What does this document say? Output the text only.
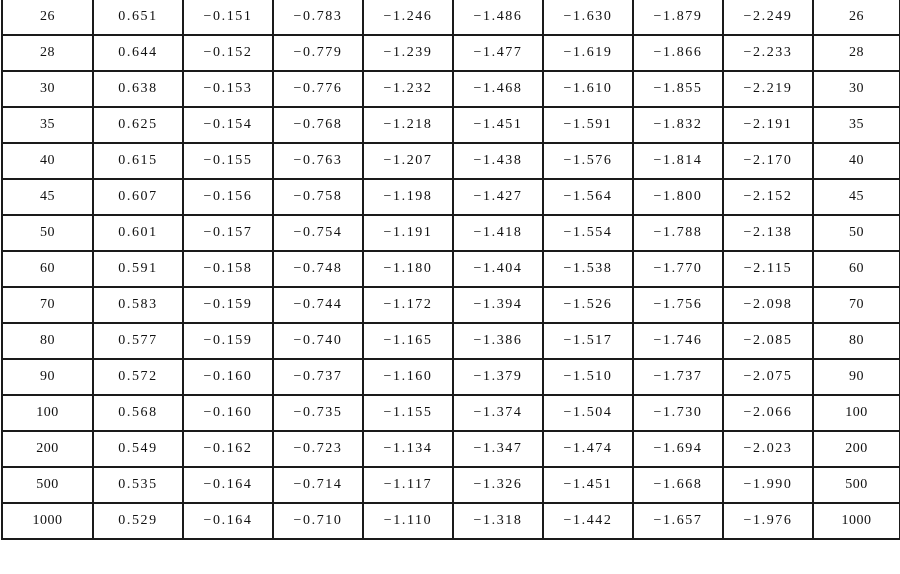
26	0.651	−0.151	−0.783	−1.246	−1.486	−1.630	−1.879	−2.249	26
28	0.644	−0.152	−0.779	−1.239	−1.477	−1.619	−1.866	−2.233	28
30	0.638	−0.153	−0.776	−1.232	−1.468	−1.610	−1.855	−2.219	30
35	0.625	−0.154	−0.768	−1.218	−1.451	−1.591	−1.832	−2.191	35
40	0.615	−0.155	−0.763	−1.207	−1.438	−1.576	−1.814	−2.170	40
45	0.607	−0.156	−0.758	−1.198	−1.427	−1.564	−1.800	−2.152	45
50	0.601	−0.157	−0.754	−1.191	−1.418	−1.554	−1.788	−2.138	50
60	0.591	−0.158	−0.748	−1.180	−1.404	−1.538	−1.770	−2.115	60
70	0.583	−0.159	−0.744	−1.172	−1.394	−1.526	−1.756	−2.098	70
80	0.577	−0.159	−0.740	−1.165	−1.386	−1.517	−1.746	−2.085	80
90	0.572	−0.160	−0.737	−1.160	−1.379	−1.510	−1.737	−2.075	90
100	0.568	−0.160	−0.735	−1.155	−1.374	−1.504	−1.730	−2.066	100
200	0.549	−0.162	−0.723	−1.134	−1.347	−1.474	−1.694	−2.023	200
500	0.535	−0.164	−0.714	−1.117	−1.326	−1.451	−1.668	−1.990	500
1000	0.529	−0.164	−0.710	−1.110	−1.318	−1.442	−1.657	−1.976	1000
